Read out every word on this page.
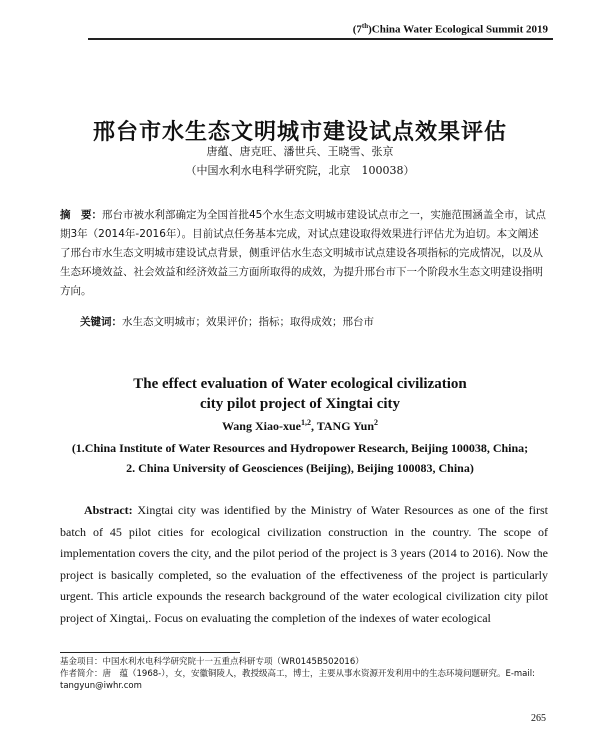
(7th)China Water Ecological Summit 2019
邢台市水生态文明城市建设试点效果评估
唐蕴、唐克旺、潘世兵、王晓雪、张京
（中国水利水电科学研究院，北京　100038）
摘　要：邢台市被水利部确定为全国首批45个水生态文明城市建设试点市之一，实施范围涵盖全市，试点期3年（2014年-2016年）。目前试点任务基本完成，对试点建设取得效果进行评估尤为迫切。本文阐述了邢台市水生态文明城市建设试点背景，侧重评估水生态文明城市试点建设各项指标的完成情况，以及从生态环境效益、社会效益和经济效益三方面所取得的成效，为提升邢台市下一个阶段水生态文明建设指明方向。
关键词：水生态文明城市；效果评价；指标；取得成效；邢台市
The effect evaluation of Water ecological civilization
city pilot project of Xingtai city
Wang Xiao-xue$^{1,2}$, TANG Yun$^2$
(1.China Institute of Water Resources and Hydropower Research, Beijing 100038, China;
2. China University of Geosciences (Beijing), Beijing 100083, China)
Abstract: Xingtai city was identified by the Ministry of Water Resources as one of the first batch of 45 pilot cities for ecological civilization construction in the country. The scope of implementation covers the city, and the pilot period of the project is 3 years (2014 to 2016). Now the project is basically completed, so the evaluation of the effectiveness of the project is particularly urgent. This article expounds the research background of the water ecological civilization city pilot project of Xingtai,. Focus on evaluating the completion of the indexes of water ecological
基金项目：中国水利水电科学研究院十一五重点科研专项（WR0145B502016）
作者简介：唐　蕴（1968-），女，安徽铜陵人，教授级高工，博士，主要从事水资源开发利用中的生态环境问题研究。E-mail:
tangyun@iwhr.com
265
